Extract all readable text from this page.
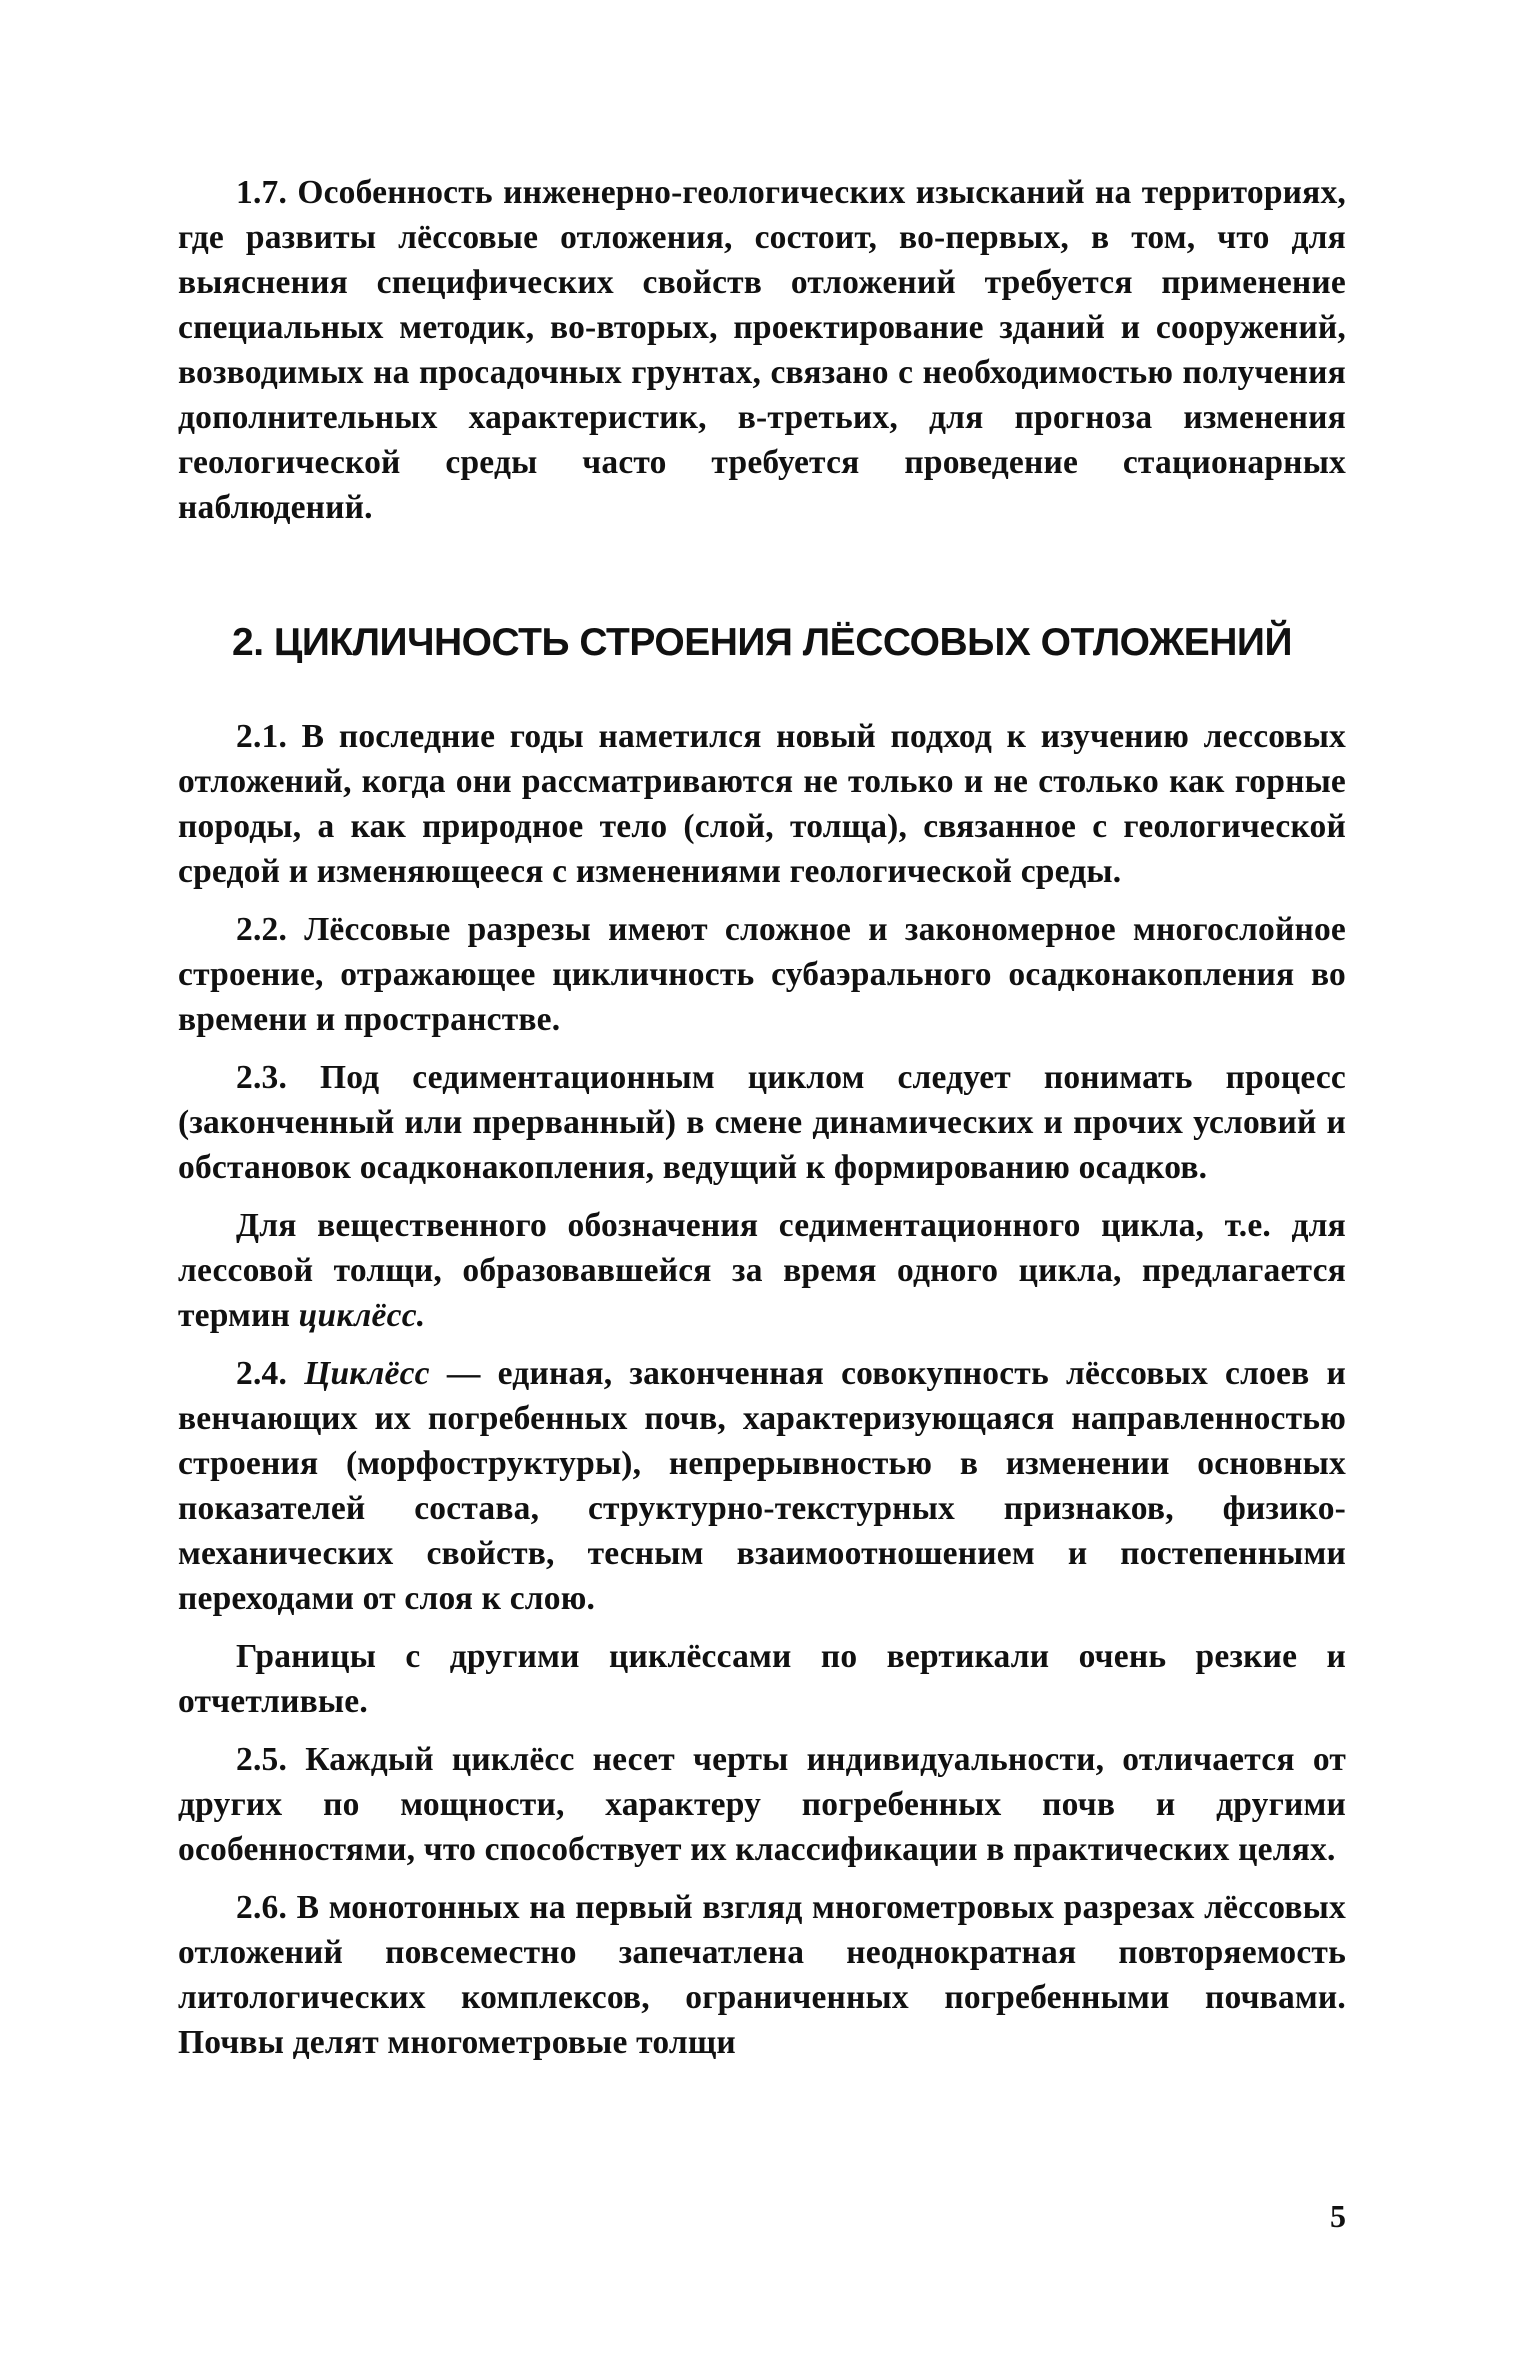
1.7. Особенность инженерно-геологических изысканий на территориях, где развиты лёссовые отложения, состоит, во-первых, в том, что для выяснения специфических свойств отложений требуется применение специальных методик, во-вторых, проектирование зданий и сооружений, возводимых на просадочных грунтах, связано с необходимостью получения дополнительных характеристик, в-третьих, для прогноза изменения геологической среды часто требуется проведение стационарных наблюдений.

2. ЦИКЛИЧНОСТЬ СТРОЕНИЯ ЛЁССОВЫХ ОТЛОЖЕНИЙ

2.1. В последние годы наметился новый подход к изучению лессовых отложений, когда они рассматриваются не только и не столько как горные породы, а как природное тело (слой, толща), связанное с геологической средой и изменяющееся с изменениями геологической среды.

2.2. Лёссовые разрезы имеют сложное и закономерное многослойное строение, отражающее цикличность субаэрального осадконакопления во времени и пространстве.

2.3. Под седиментационным циклом следует понимать процесс (законченный или прерванный) в смене динамических и прочих условий и обстановок осадконакопления, ведущий к формированию осадков.

Для вещественного обозначения седиментационного цикла, т.е. для лессовой толщи, образовавшейся за время одного цикла, предлагается термин циклёсс.

2.4. Циклёсс — единая, законченная совокупность лёссовых слоев и венчающих их погребенных почв, характеризующаяся направленностью строения (морфоструктуры), непрерывностью в изменении основных показателей состава, структурно-текстурных признаков, физико-механических свойств, тесным взаимоотношением и постепенными переходами от слоя к слою.

Границы с другими циклёссами по вертикали очень резкие и отчетливые.

2.5. Каждый циклёсс несет черты индивидуальности, отличается от других по мощности, характеру погребенных почв и другими особенностями, что способствует их классификации в практических целях.

2.6. В монотонных на первый взгляд многометровых разрезах лёссовых отложений повсеместно запечатлена неоднократная повторяемость литологических комплексов, ограниченных погребенными почвами. Почвы делят многометровые толщи

5
